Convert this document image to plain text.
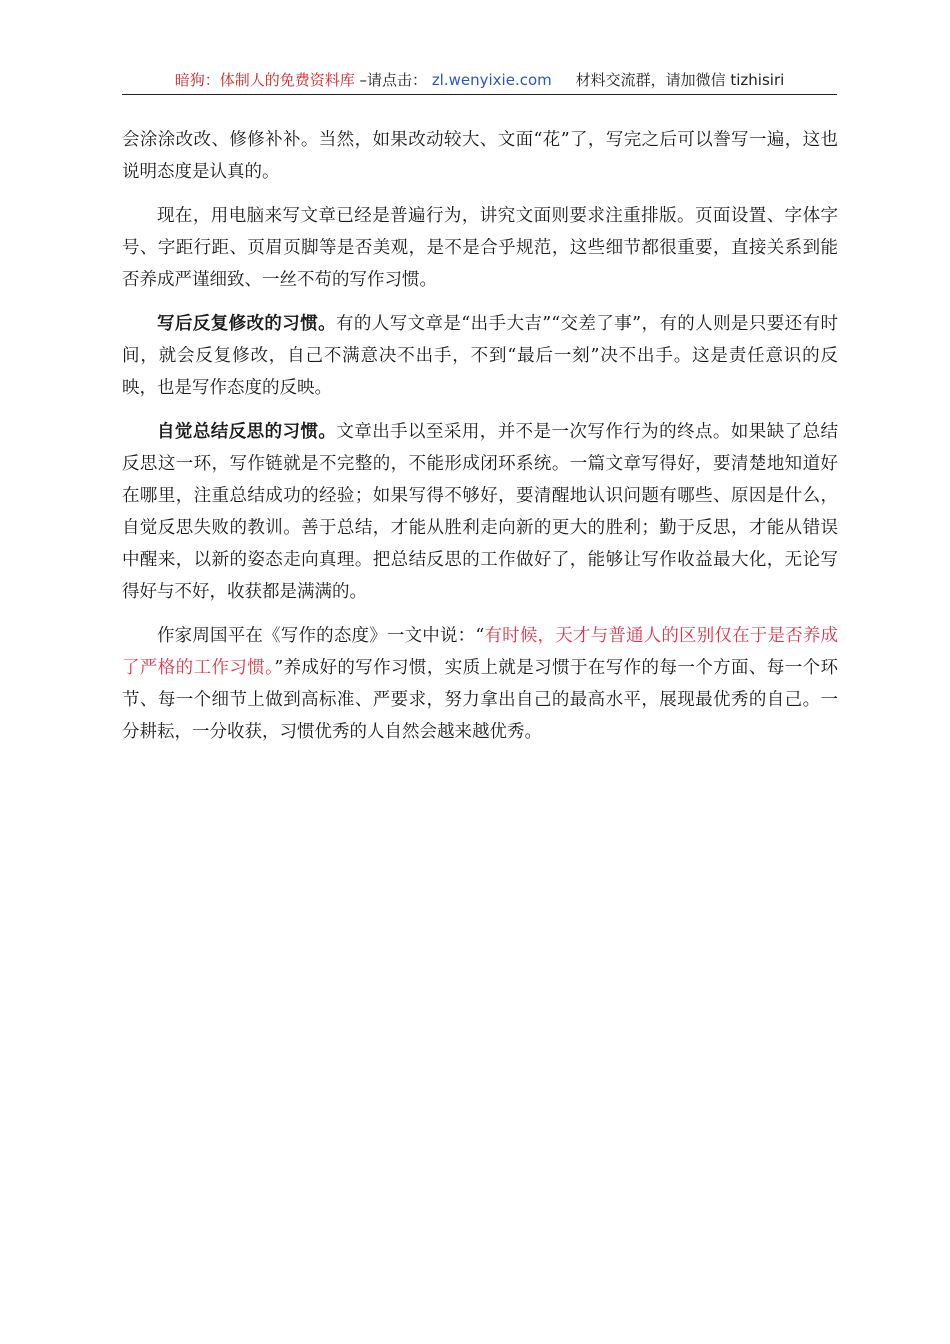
暗狗：体制人的免费资料库 –请点击： zl.wenyixie.com 材料交流群，请加微信 tizhisiri

会涂涂改改、修修补补。当然，如果改动较大、文面“花”了，写完之后可以誊写一遍，这也说明态度是认真的。

现在，用电脑来写文章已经是普遍行为，讲究文面则要求注重排版。页面设置、字体字号、字距行距、页眉页脚等是否美观，是不是合乎规范，这些细节都很重要，直接关系到能否养成严谨细致、一丝不苟的写作习惯。

写后反复修改的习惯。有的人写文章是“出手大吉”“交差了事”，有的人则是只要还有时间，就会反复修改，自己不满意决不出手，不到“最后一刻”决不出手。这是责任意识的反映，也是写作态度的反映。

自觉总结反思的习惯。文章出手以至采用，并不是一次写作行为的终点。如果缺了总结反思这一环，写作链就是不完整的，不能形成闭环系统。一篇文章写得好，要清楚地知道好在哪里，注重总结成功的经验；如果写得不够好，要清醒地认识问题有哪些、原因是什么，自觉反思失败的教训。善于总结，才能从胜利走向新的更大的胜利；勤于反思，才能从错误中醒来，以新的姿态走向真理。把总结反思的工作做好了，能够让写作收益最大化，无论写得好与不好，收获都是满满的。

作家周国平在《写作的态度》一文中说：“有时候，天才与普通人的区别仅在于是否养成了严格的工作习惯。”养成好的写作习惯，实质上就是习惯于在写作的每一个方面、每一个环节、每一个细节上做到高标准、严要求，努力拿出自己的最高水平，展现最优秀的自己。一分耕耘，一分收获，习惯优秀的人自然会越来越优秀。
